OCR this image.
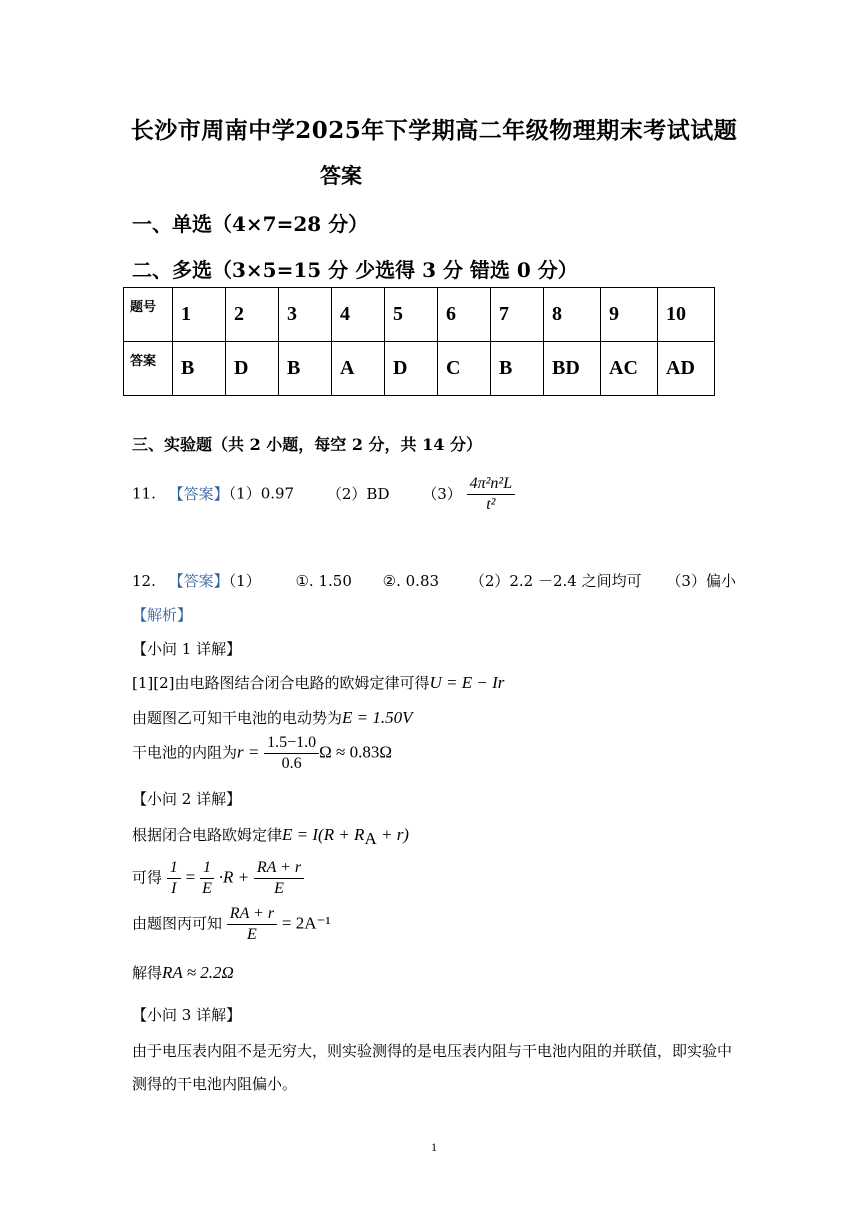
长沙市周南中学2025年下学期高二年级物理期末考试试题
答案
一、单选（4×7=28 分）
二、多选（3×5=15 分 少选得 3 分 错选 0 分）
题号	1	2	3	4	5	6	7	8	9	10
答案	B	D	B	A	D	C	B	BD	AC	AD
三、实验题（共 2 小题，每空 2 分，共 14 分）
11. 【答案】（1）0.97 （2）BD $(3) \frac{\text{4π²n²L}}{\text{t²}}$
12. 【答案】（1） ①. 1.50 ②. 0.83 （2）2.2 －2.4 之间均可 （3）偏小
【解析】
【小问 1 详解】
[1][2]由电路图结合闭合电路的欧姆定律可得U = E − Ir
由题图乙可知干电池的电动势为E = 1.50V
干电池的内阻为$r = \frac{1.5-1.0}{0.6}$ Ω ≈ 0.83Ω
【小问 2 详解】
根据闭合电路欧姆定律$E = I(R + R_A + r)$
可得 $\frac{1}{I} = \frac{1}{E} \cdot R + \frac{RA + r}{E}$
由题图丙可知 $\frac{RA + r}{E} = 2A^{-1}$
解得RA ≈ 2.2Ω
【小问 3 详解】
由于电压表内阻不是无穷大，则实验测得的是电压表内阻与干电池内阻的并联值，即实验中
测得的干电池内阻偏小。
1
